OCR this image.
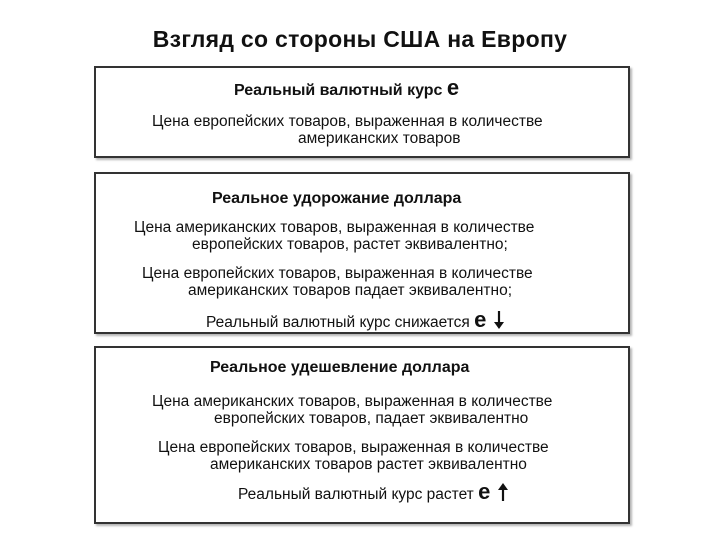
Взгляд со стороны США на Европу
Реальный валютный курс е
Цена европейских товаров, выраженная в количестве
американских товаров
Реальное удорожание доллара
Цена американских товаров, выраженная в количестве
европейских товаров, растет эквивалентно;
Цена европейских товаров, выраженная в количестве
американских товаров падает эквивалентно;
Реальный валютный курс снижается е
Реальное удешевление доллара
Цена американских товаров, выраженная в количестве
европейских товаров, падает эквивалентно
Цена европейских товаров, выраженная в количестве
американских товаров растет эквивалентно
Реальный валютный курс растет е
